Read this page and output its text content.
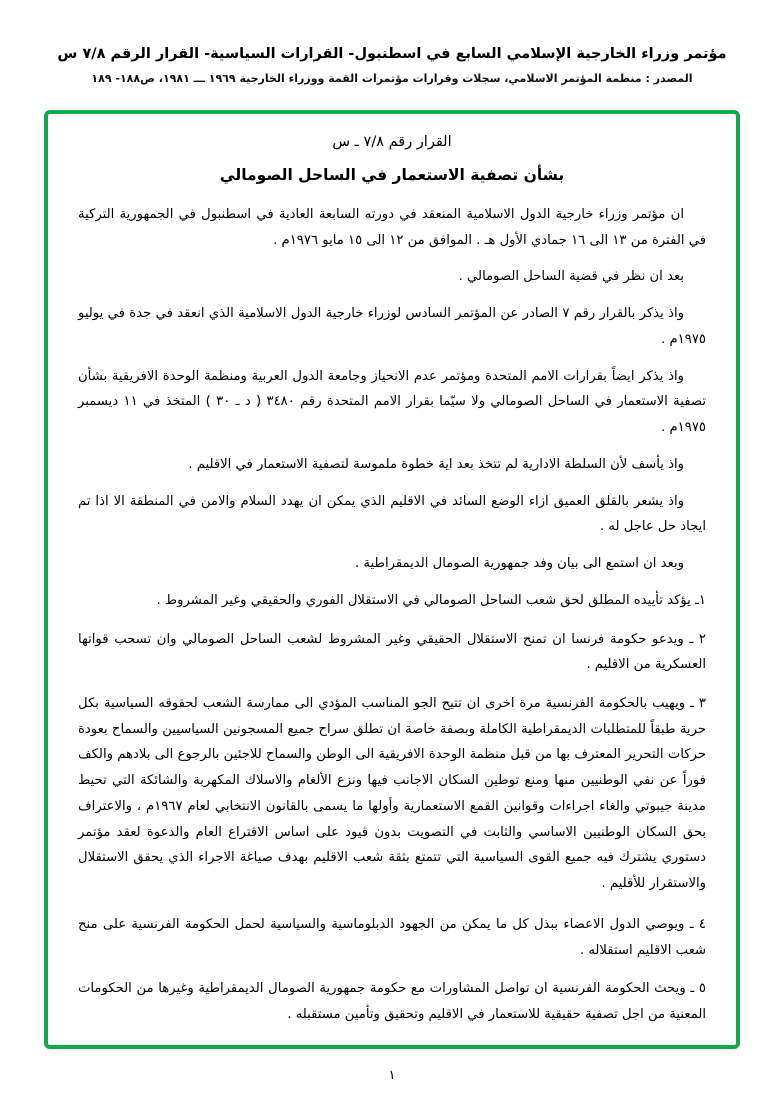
مؤتمر وزراء الخارجية الإسلامي السابع في اسطنبول- القرارات السياسية- القرار الرقم ٧/٨ س
المصدر : منظمة المؤتمر الاسلامي، سجلات وقرارات مؤتمرات القمة ووزراء الخارجية ١٩٦٩ ـــ ١٩٨١، ص١٨٨- ١٨٩
القرار رقم ٧/٨ ـ س
بشأن تصفية الاستعمار في الساحل الصومالي

ان مؤتمر وزراء خارجية الدول الاسلامية المنعقد في دورته السابعة العادية في اسطنبول في الجمهورية التركية في الفترة من ١٣ الى ١٦ جمادي الأول هـ . الموافق من ١٢ الى ١٥ مايو ١٩٧٦م .

بعد ان نظر في قضية الساحل الصومالي .

واذ يذكر بالقرار رقم ٧ الصادر عن المؤتمر السادس لوزراء خارجية الدول الاسلامية الذي انعقد في جدة في يوليو ١٩٧٥م .

واذ يذكر ايضاً بقرارات الامم المتحدة ومؤتمر عدم الانحياز وجامعة الدول العربية ومنظمة الوحدة الافريقية بشأن تصفية الاستعمار في الساحل الصومالي ولا سيّما بقرار الامم المتحدة رقم ٣٤٨٠ ( د ـ ٣٠ ) المتخذ في ١١ ديسمبر ١٩٧٥م .

واذ يأسف لأن السلطة الادارية لم تتخذ بعد اية خطوة ملموسة لتصفية الاستعمار في الاقليم .

واذ يشعر بالقلق العميق ازاء الوضع السائد في الاقليم الذي يمكن ان يهدد السلام والامن في المنطقة الا اذا تم ايجاد حل عاجل له .

وبعد ان استمع الى بيان وفد جمهورية الصومال الديمقراطية .

١ـ يؤكد تأييده المطلق لحق شعب الساحل الصومالي في الاستقلال الفوري والحقيقي وغير المشروط .

٢ ـ ويدعو حكومة فرنسا ان تمنح الاستقلال الحقيقي وغير المشروط لشعب الساحل الصومالي وان تسحب قواتها العسكرية من الاقليم .

٣ ـ ويهيب بالحكومة الفرنسية مرة اخرى ان تتيح الجو المناسب المؤدي الى ممارسة الشعب لحقوقه السياسية بكل حرية طبقاً للمتطلبات الديمقراطية الكاملة وبصفة خاصة ان تطلق سراح جميع المسجونين السياسيين والسماح بعودة حركات التحرير المعترف بها من قبل منظمة الوحدة الافريقية الى الوطن والسماح للاجئين بالرجوع الى بلادهم والكف فوراً عن نفي الوطنيين منها ومنع توطين السكان الاجانب فيها ونزع الألغام والاسلاك المكهربة والشائكة التي تحيط مدينة جيبوتي والغاء اجراءات وقوانين القمع الاستعمارية وأولها ما يسمى بالقانون الانتخابي لعام ١٩٦٧م ، والاعتراف بحق السكان الوطنيين الاساسي والثابت في التصويت بدون قيود على اساس الاقتراع العام والدعوة لعقد مؤتمر دستوري يشترك فيه جميع القوى السياسية التي تتمتع بثقة شعب الاقليم بهدف صياغة الاجراء الذي يحقق الاستقلال والاستقرار للأقليم .

٤ ـ ويوصي الدول الاعضاء ببذل كل ما يمكن من الجهود الدبلوماسية والسياسية لحمل الحكومة الفرنسية على منح شعب الاقليم استقلاله .

٥ ـ ويحث الحكومة الفرنسية ان تواصل المشاورات مع حكومة جمهورية الصومال الديمقراطية وغيرها من الحكومات المعنية من اجل تصفية حقيقية للاستعمار في الاقليم وتحقيق وتأمين مستقبله .

١
